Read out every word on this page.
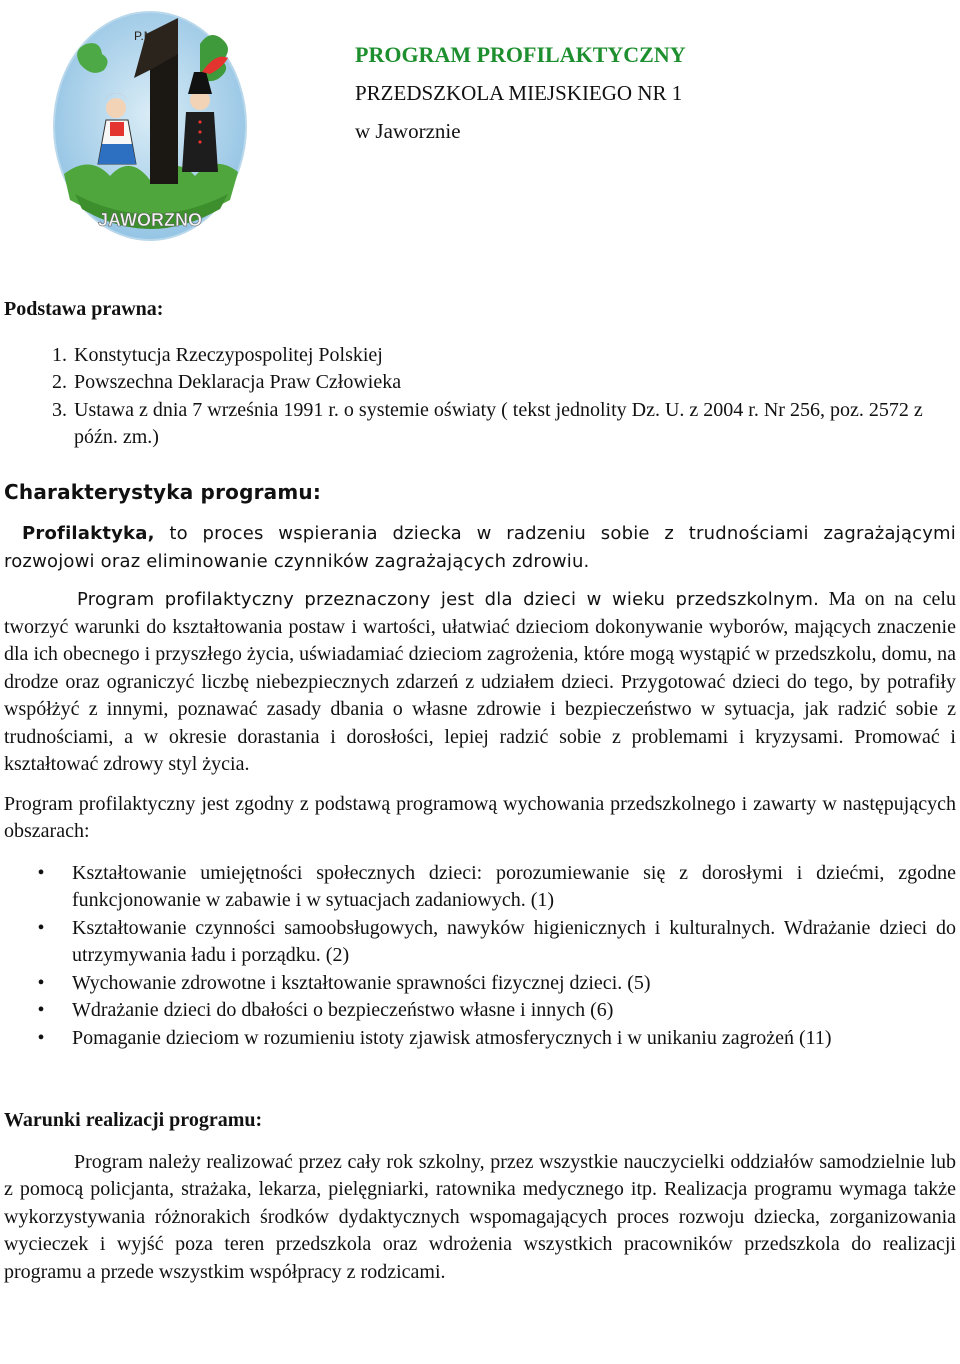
P.M. nr
JAWORZNO
PROGRAM PROFILAKTYCZNY
PRZEDSZKOLA MIEJSKIEGO NR 1
w Jaworznie
Podstawa prawna:
1. Konstytucja Rzeczypospolitej Polskiej
2. Powszechna Deklaracja Praw Człowieka
3. Ustawa z dnia 7 września 1991 r. o systemie oświaty ( tekst jednolity Dz. U. z 2004 r. Nr 256, poz. 2572 z późn. zm.)
Charakterystyka programu:

Profilaktyka, to proces wspierania dziecka w radzeniu sobie z trudnościami zagrażającymi rozwojowi oraz eliminowanie czynników zagrażających zdrowiu.

Program profilaktyczny przeznaczony jest dla dzieci w wieku przedszkolnym. Ma on na celu tworzyć warunki do kształtowania postaw i wartości, ułatwiać dzieciom dokonywanie wyborów, mających znaczenie dla ich obecnego i przyszłego życia, uświadamiać dzieciom zagrożenia, które mogą wystąpić w przedszkolu, domu, na drodze oraz ograniczyć liczbę niebezpiecznych zdarzeń z udziałem dzieci. Przygotować dzieci do tego, by potrafiły współżyć z innymi, poznawać zasady dbania o własne zdrowie i bezpieczeństwo w sytuacja, jak radzić sobie z trudnościami, a w okresie dorastania i dorosłości, lepiej radzić sobie z problemami i kryzysami. Promować i kształtować zdrowy styl życia.

Program profilaktyczny jest zgodny z podstawą programową wychowania przedszkolnego i zawarty w następujących obszarach:

• Kształtowanie umiejętności społecznych dzieci: porozumiewanie się z dorosłymi i dziećmi, zgodne funkcjonowanie w zabawie i w sytuacjach zadaniowych. (1)
• Kształtowanie czynności samoobsługowych, nawyków higienicznych i kulturalnych. Wdrażanie dzieci do utrzymywania ładu i porządku. (2)
• Wychowanie zdrowotne i kształtowanie sprawności fizycznej dzieci. (5)
• Wdrażanie dzieci do dbałości o bezpieczeństwo własne i innych (6)
• Pomaganie dzieciom w rozumieniu istoty zjawisk atmosferycznych i w unikaniu zagrożeń (11)
Warunki realizacji programu:

Program należy realizować przez cały rok szkolny, przez wszystkie nauczycielki oddziałów samodzielnie lub z pomocą policjanta, strażaka, lekarza, pielęgniarki, ratownika medycznego itp. Realizacja programu wymaga także wykorzystywania różnorakich środków dydaktycznych wspomagających proces rozwoju dziecka, zorganizowania wycieczek i wyjść poza teren przedszkola oraz wdrożenia wszystkich pracowników przedszkola do realizacji programu a przede wszystkim współpracy z rodzicami.
